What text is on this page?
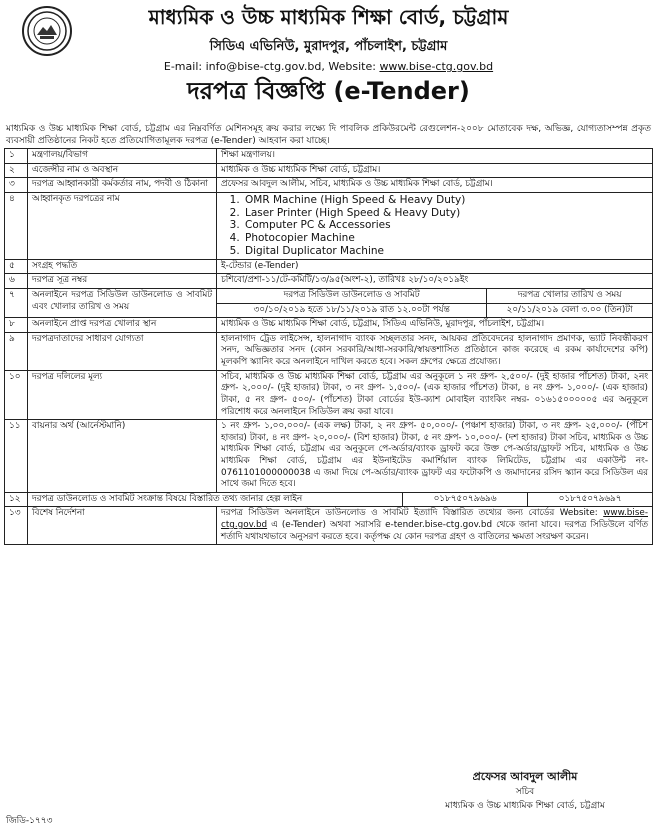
মাধ্যমিক ও উচ্চ মাধ্যমিক শিক্ষা বোর্ড, চট্টগ্রাম
সিডিএ এভিনিউ, মুরাদপুর, পাঁচলাইশ, চট্টগ্রাম
E-mail: info@bise-ctg.gov.bd, Website: www.bise-ctg.gov.bd
দরপত্র বিজ্ঞপ্তি (e-Tender)
মাধ্যমিক ও উচ্চ মাধ্যমিক শিক্ষা বোর্ড, চট্টগ্রাম এর নিম্নবর্ণিত মেশিনসমূহ ক্রয় করার লক্ষ্যে দি পাবলিক প্রকিউরমেন্ট রেগুলেশন-২০০৮ মোতাবেক দক্ষ, অভিজ্ঞ, যোগ্যতাসম্পন্ন প্রকৃত ব্যবসায়ী প্রতিষ্ঠানের নিকট হতে প্রতিযোগিতামূলক দরপত্র (e-Tender) আহবান করা যাচ্ছে।
১	মন্ত্রণালয়/বিভাগ	শিক্ষা মন্ত্রণালয়।
২	এজেন্সীর নাম ও অবস্থান	মাধ্যমিক ও উচ্চ মাধ্যমিক শিক্ষা বোর্ড, চট্টগ্রাম।
৩	দরপত্র আহ্বানকারী কর্মকর্তার নাম, পদবী ও ঠিকানা	প্রফেসর আবদুল আলীম, সচিব, মাধ্যমিক ও উচ্চ মাধ্যমিক শিক্ষা বোর্ড, চট্টগ্রাম।
৪	আহ্বানকৃত দরপত্রের নাম	
1.OMR Machine (High Speed & Heavy Duty)
2. Laser Printer (High Speed & Heavy Duty)
3. Computer PC & Accessories
4. Photocopier Machine
5. Digital Duplicator Machine

৫	সংগ্রহ পদ্ধতি	ই-টেন্ডার (e-Tender)
৬	দরপত্র সূত্র নম্বর	চশিবো/প্রশা-১১/টে-কমিটি/১৩/৯৫(অংশ-২), তারিখঃ ২৮/১০/২০১৯ইং
৭	অনলাইনে দরপত্র সিডিউল ডাউনলোড ও সাবমিট এবং খোলার তারিখ ও সময়	
দরপত্র সিডিউল ডাউনলোড ও সাবমিট	দরপত্র খোলার তারিখ ও সময়
৩০/১০/২০১৯ হতে ১৮/১১/২০১৯ রাত ১২.০০টা পর্যন্ত	২০/১১/২০১৯ বেলা ৩.০০ (তিন)টা

৮	অনলাইনে প্রাপ্ত দরপত্র খোলার স্থান	মাধ্যমিক ও উচ্চ মাধ্যমিক শিক্ষা বোর্ড, চট্টগ্রাম, সিডিএ এভিনিউ, মুরাদপুর, পাঁচলাইশ, চট্টগ্রাম।
৯	দরপত্রদাতাদের সাধারণ যোগ্যতা	হালনাগাদ ট্রেড লাইসেন্স, হালনাগাদ ব্যাংক সচ্ছলতার সনদ, আয়কর প্রতিবেদনের হালনাগাদ প্রমাণক, ভ্যাট নিবন্ধীকরণ সনদ, অভিজ্ঞতার সনদ (কোন সরকারি/আধা-সরকারি/স্বায়ত্তশাসিত প্রতিষ্ঠানে কাজ করেছে এ রকম কার্যাদেশের কপি) মূলকপি স্ক্যানিং করে অনলাইনে দাখিল করতে হবে। সকল গ্রুপের ক্ষেত্রে প্রযোজ্য।
১০	দরপত্র দলিলের মূল্য	সচিব, মাধ্যমিক ও উচ্চ মাধ্যমিক শিক্ষা বোর্ড, চট্টগ্রাম এর অনুকূলে ১ নং গ্রুপ- ২,৫০০/- (দুই হাজার পাঁচশত) টাকা, ২নং গ্রুপ- ২,০০০/- (দুই হাজার) টাকা, ৩ নং গ্রুপ- ১,৫০০/- (এক হাজার পাঁচশত) টাকা, ৪ নং গ্রুপ- ১,০০০/- (এক হাজার) টাকা, ৫ নং গ্রুপ- ৫০০/- (পাঁচশত) টাকা বোর্ডের ইউ-ক্যাশ মোবাইল ব্যাংকিং নম্বর- ০১৬১৫০০০০০৫ এর অনুকূলে পরিশোধ করে অনলাইনে সিডিউল ক্রয় করা যাবে।
১১	বায়নার অর্থ (আর্নেস্টমানি)	১ নং গ্রুপ- ১,০০,০০০/- (এক লক্ষ) টাকা, ২ নং গ্রুপ- ৫০,০০০/- (পঞ্চাশ হাজার) টাকা, ৩ নং গ্রুপ- ২৫,০০০/- (পঁচিশ হাজার) টাকা, ৪ নং গ্রুপ- ২০,০০০/- (বিশ হাজার) টাকা, ৫ নং গ্রুপ- ১০,০০০/- (দশ হাজার) টাকা সচিব, মাধ্যমিক ও উচ্চ মাধ্যমিক শিক্ষা বোর্ড, চট্টগ্রাম এর অনুকূলে পে-অর্ডার/ব্যাংক ড্রাফট করে উক্ত পে-অর্ডার/ড্রাফট সচিব, মাধ্যমিক ও উচ্চ মাধ্যমিক শিক্ষা বোর্ড, চট্টগ্রাম এর ইউনাইটেড কমার্শিয়াল ব্যাংক লিমিটেড, চট্টগ্রাম এর একাউন্ট নং- 0761101000000038 এ জমা দিয়ে পে-অর্ডার/ব্যাংক ড্রাফট এর ফটোকপি ও জমাদানের রসিদ স্ক্যান করে সিডিউল এর সাথে জমা দিতে হবে।
১২	দরপত্র ডাউনলোড ও সাবমিট সংক্রান্ত বিষয়ে বিস্তারিত তথ্য জানার হেল্প লাইন	০১৮৭৫০৭৯৬৯৬	০১৮৭৫০৭৯৬৯৭

১৩	বিশেষ নির্দেশনা	দরপত্র সিডিউল অনলাইনে ডাউনলোড ও সাবমিট ইত্যাদি বিস্তারিত তথ্যের জন্য বোর্ডের Website: www.bise-ctg.gov.bd এ (e-Tender) অথবা সরাসরি e-tender.bise-ctg.gov.bd থেকে জানা যাবে। দরপত্র সিডিউলে বর্ণিত শর্তাদি যথাযথভাবে অনুসরণ করতে হবে। কর্তৃপক্ষ যে কোন দরপত্র গ্রহণ ও বাতিলের ক্ষমতা সংরক্ষণ করেন।
প্রফেসর আবদুল আলীম
সচিব
মাধ্যমিক ও উচ্চ মাধ্যমিক শিক্ষা বোর্ড, চট্টগ্রাম
জিডি-১৭৭৩
